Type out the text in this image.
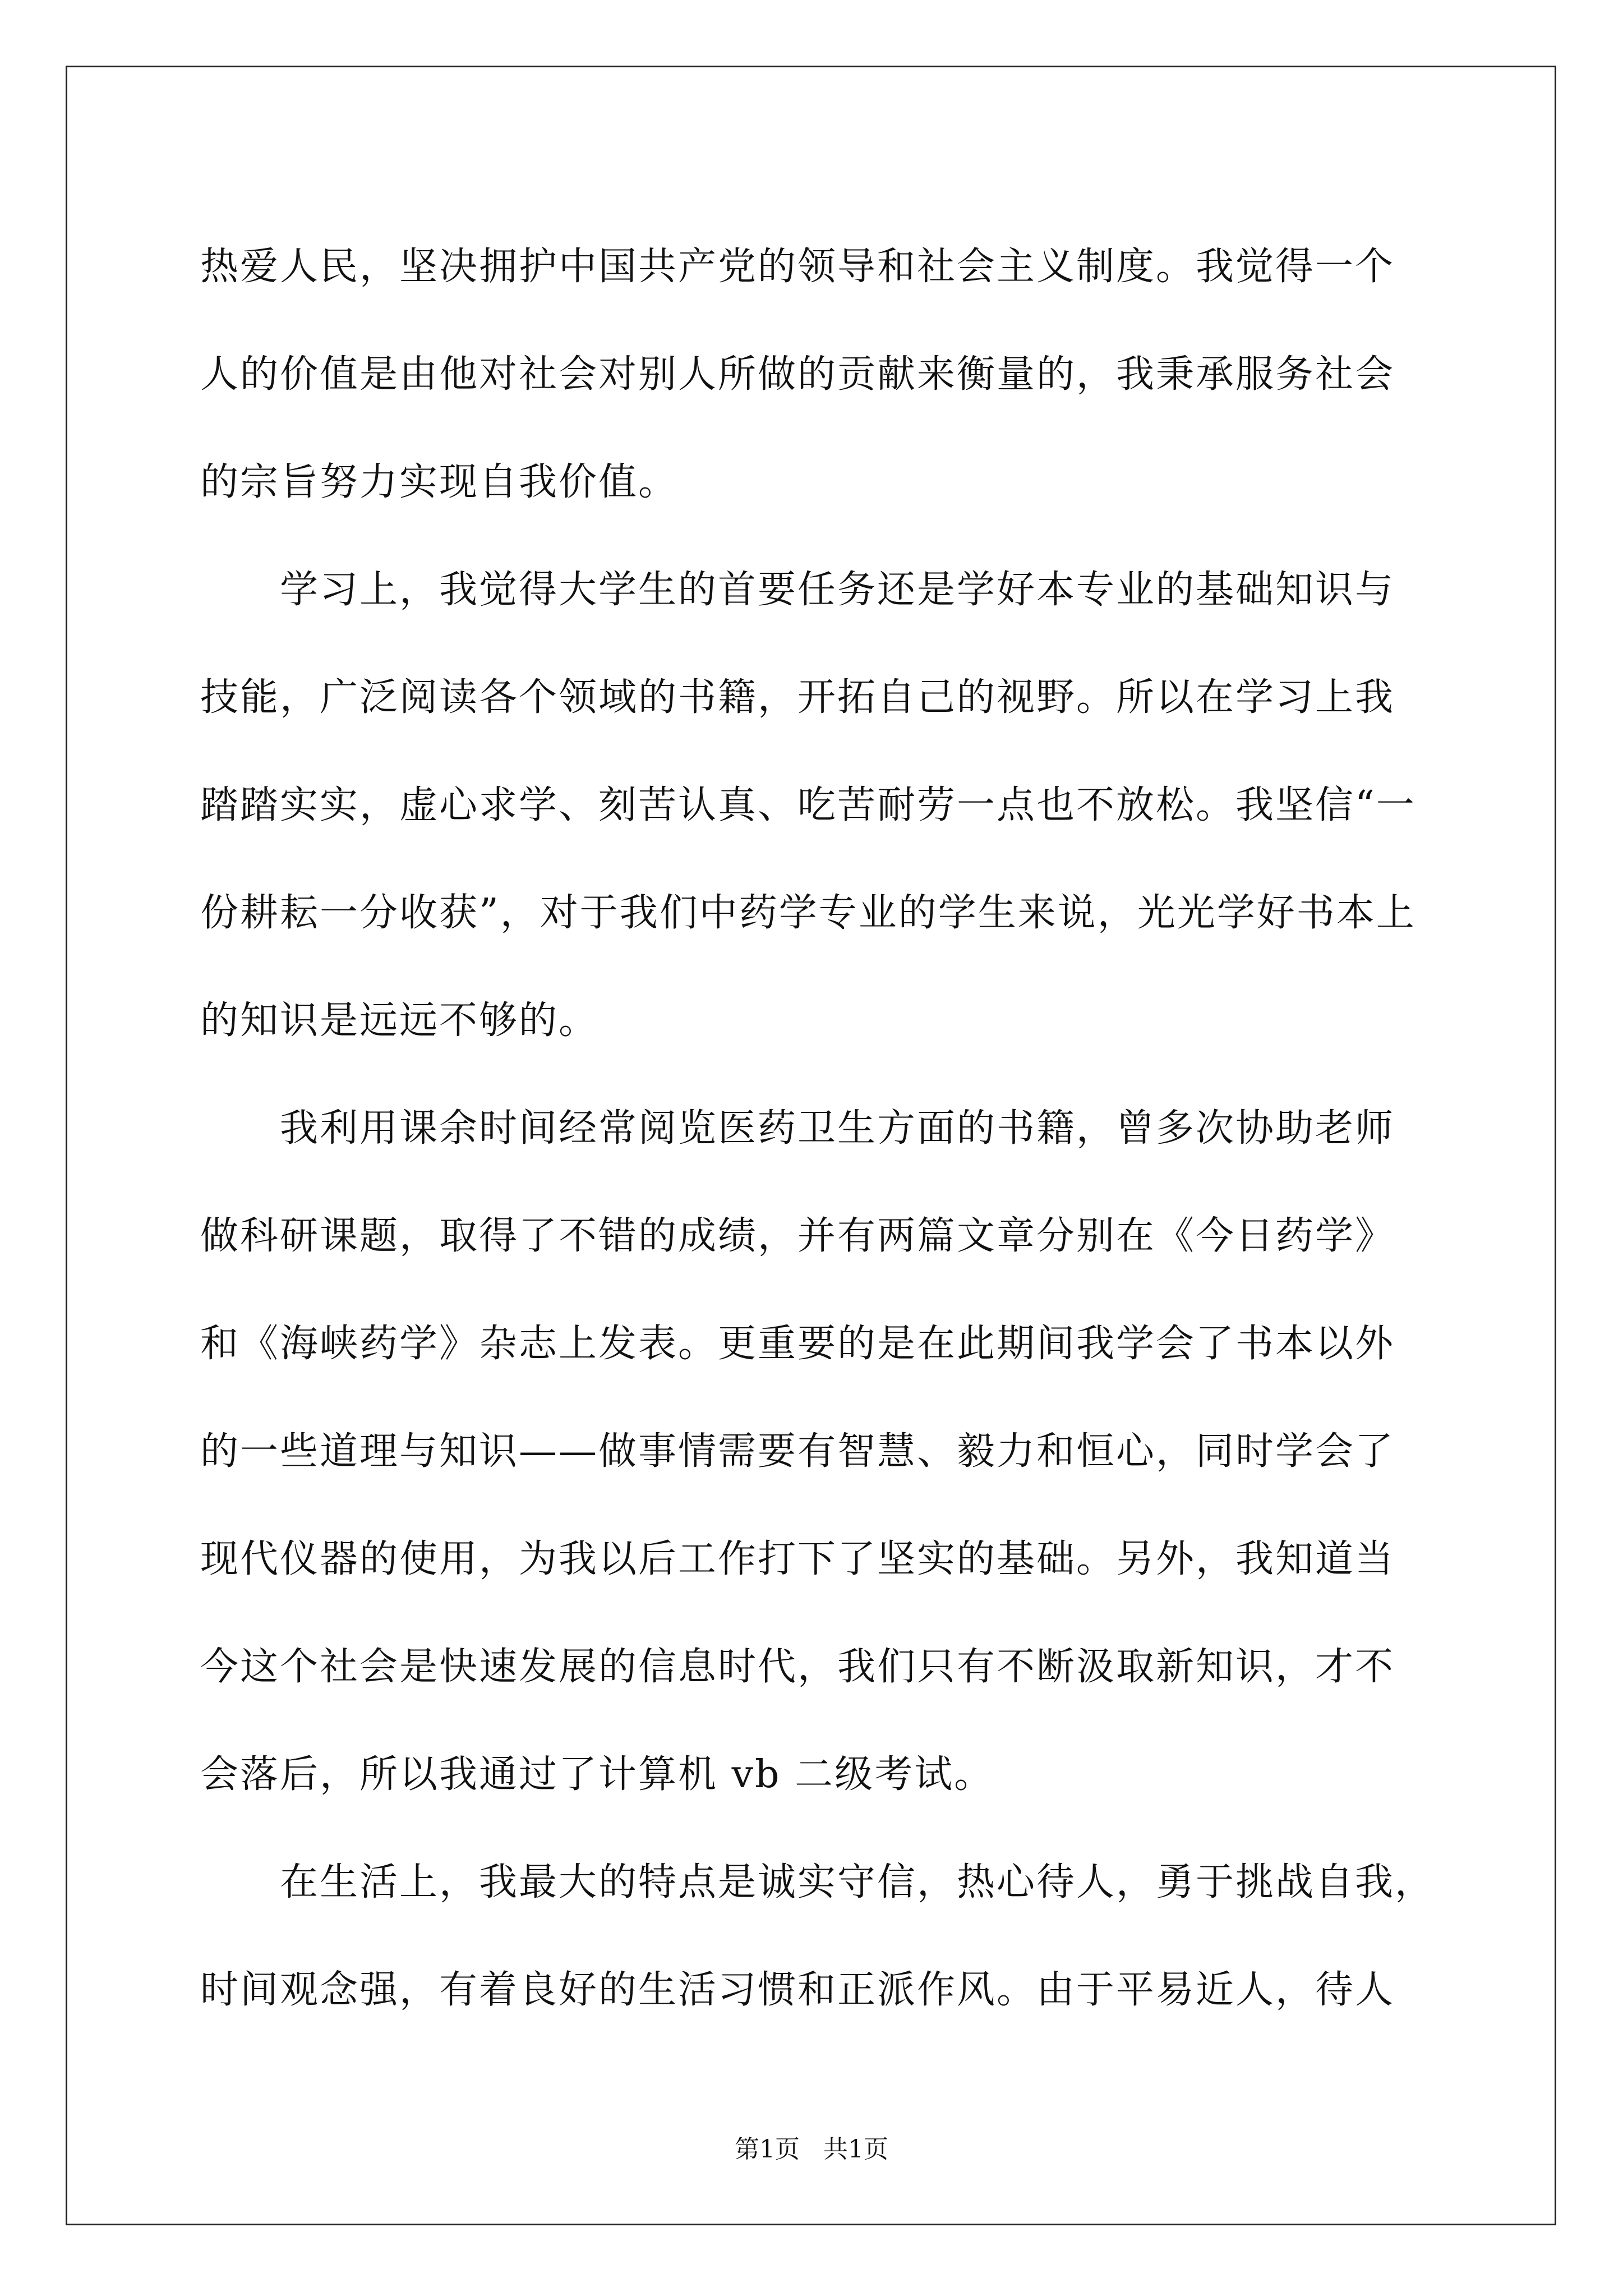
热爱人民，坚决拥护中国共产党的领导和社会主义制度。我觉得一个
人的价值是由他对社会对别人所做的贡献来衡量的，我秉承服务社会
的宗旨努力实现自我价值。
学习上，我觉得大学生的首要任务还是学好本专业的基础知识与
技能，广泛阅读各个领域的书籍，开拓自己的视野。所以在学习上我
踏踏实实，虚心求学、刻苦认真、吃苦耐劳一点也不放松。我坚信“一
份耕耘一分收获”，对于我们中药学专业的学生来说，光光学好书本上
的知识是远远不够的。
我利用课余时间经常阅览医药卫生方面的书籍，曾多次协助老师
做科研课题，取得了不错的成绩，并有两篇文章分别在《今日药学》
和《海峡药学》杂志上发表。更重要的是在此期间我学会了书本以外
的一些道理与知识——做事情需要有智慧、毅力和恒心，同时学会了
现代仪器的使用，为我以后工作打下了坚实的基础。另外，我知道当
今这个社会是快速发展的信息时代，我们只有不断汲取新知识，才不
会落后，所以我通过了计算机 vb 二级考试。
在生活上，我最大的特点是诚实守信，热心待人，勇于挑战自我，
时间观念强，有着良好的生活习惯和正派作风。由于平易近人，待人
第1页   共1页
